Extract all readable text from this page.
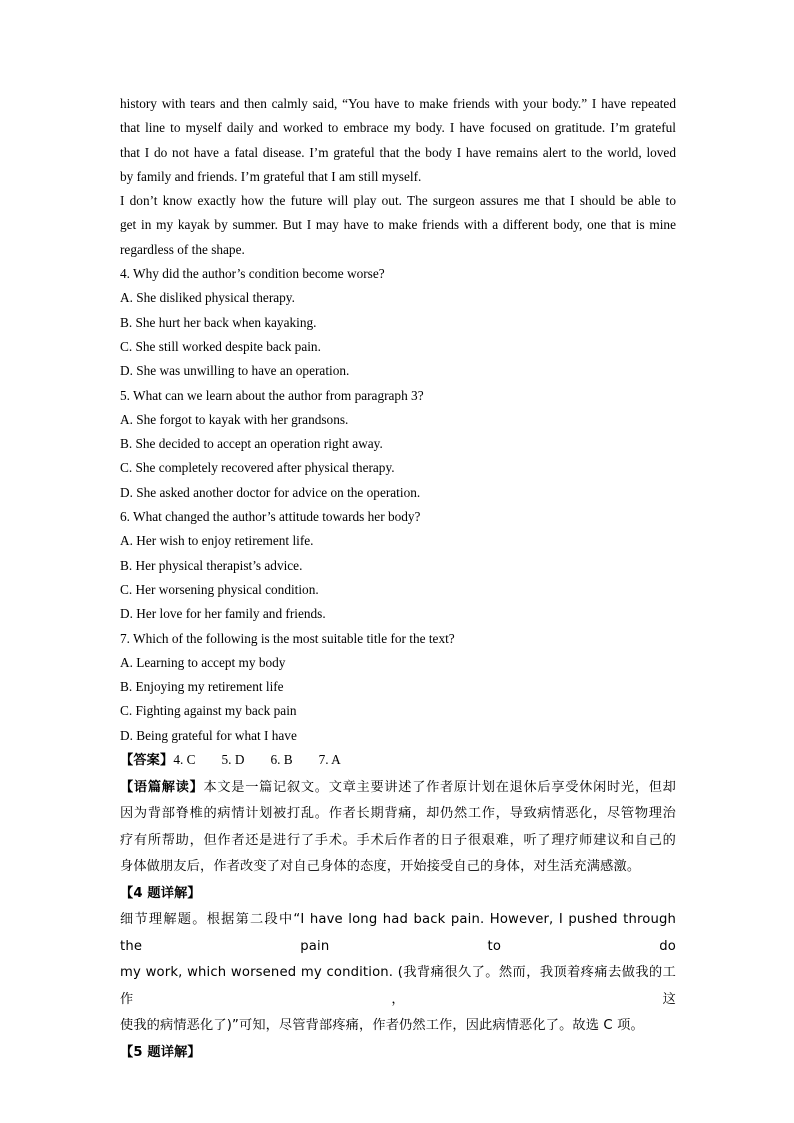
history with tears and then calmly said, “You have to make friends with your body.” I have repeated
that line to myself daily and worked to embrace my body. I have focused on gratitude. I’m grateful
that I do not have a fatal disease. I’m grateful that the body I have remains alert to the world, loved
by family and friends. I’m grateful that I am still myself.
I don’t know exactly how the future will play out. The surgeon assures me that I should be able to
get in my kayak by summer. But I may have to make friends with a different body, one that is mine
regardless of the shape.
4. Why did the author’s condition become worse?
A. She disliked physical therapy.
B. She hurt her back when kayaking.
C. She still worked despite back pain.
D. She was unwilling to have an operation.
5. What can we learn about the author from paragraph 3?
A. She forgot to kayak with her grandsons.
B. She decided to accept an operation right away.
C. She completely recovered after physical therapy.
D. She asked another doctor for advice on the operation.
6. What changed the author’s attitude towards her body?
A. Her wish to enjoy retirement life.
B. Her physical therapist’s advice.
C. Her worsening physical condition.
D. Her love for her family and friends.
7. Which of the following is the most suitable title for the text?
A. Learning to accept my body
B. Enjoying my retirement life
C. Fighting against my back pain
D. Being grateful for what I have
【答案】4. C 5. D 6. B 7. A
【语篇解读】本文是一篇记叙文。文章主要讲述了作者原计划在退休后享受休闲时光，但却
因为背部脊椎的病情计划被打乱。作者长期背痛，却仍然工作，导致病情恶化，尽管物理治
疗有所帮助，但作者还是进行了手术。手术后作者的日子很艰难，听了理疗师建议和自己的
身体做朋友后，作者改变了对自己身体的态度，开始接受自己的身体，对生活充满感激。
【4 题详解】
细节理解题。根据第二段中“I have long had back pain. However, I pushed through the pain to do
my work, which worsened my condition. (我背痛很久了。然而，我顶着疼痛去做我的工作，这
使我的病情恶化了)”可知，尽管背部疼痛，作者仍然工作，因此病情恶化了。故选 C 项。
【5 题详解】
